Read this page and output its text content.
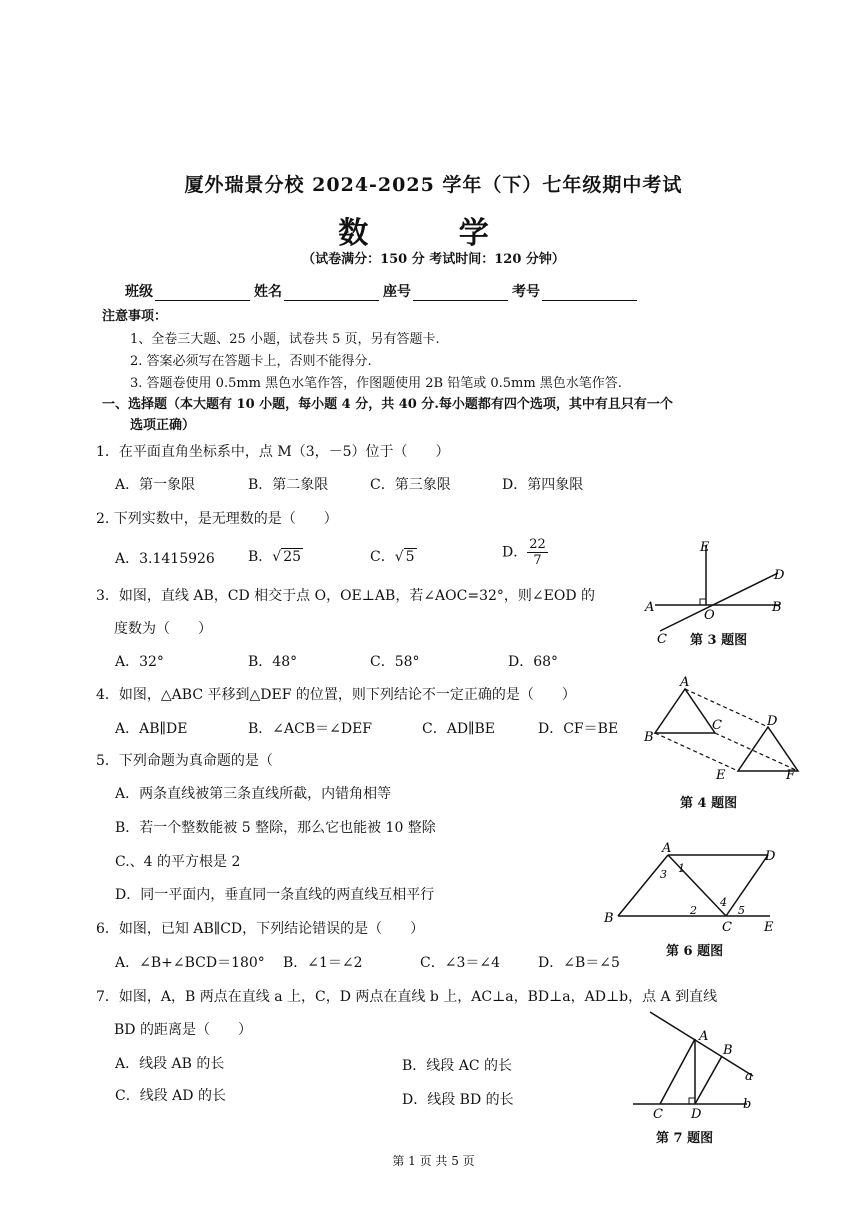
厦外瑞景分校 2024-2025 学年（下）七年级期中考试
数 学
（试卷满分：150 分 考试时间：120 分钟）
班级	姓名	座号	考号
注意事项：
1、全卷三大题、25 小题，试卷共 5 页，另有答题卡.
2. 答案必须写在答题卡上，否则不能得分.
3. 答题卷使用 0.5mm 黑色水笔作答，作图题使用 2B 铅笔或 0.5mm 黑色水笔作答.
一、选择题（本大题有 10 小题，每小题 4 分，共 40 分.每小题都有四个选项，其中有且只有一个
选项正确）
1．在平面直角坐标系中，点 M（3，－5）位于（　　）
A．第一象限	B．第二象限	C．第三象限	D．第四象限
2. 下列实数中，是无理数的是（　　）
A．3.1415926 B．√ 25	C．√ 5	D． $\frac{22}{7}$
3．如图，直线 AB，CD 相交于点 O，OE⊥AB，若∠AOC=32°，则∠EOD 的
度数为（　　）
A．32°	B．48°	C．58°	D．68°
E
D
A
O
B
C 第 3 题图
4．如图，△ABC 平移到△DEF 的位置，则下列结论不一定正确的是（　　）
A．AB∥DE	B．∠ACB＝∠DEF	C．AD∥BE	D．CF＝BE
A
C	D
B
E	F
第 4 题图
5．下列命题为真命题的是（
A．两条直线被第三条直线所截，内错角相等
B．若一个整数能被 5 整除，那么它也能被 10 整除
C.、4 的平方根是 2
D．同一平面内，垂直同一条直线的两直线互相平行
A
D
3 1
2
4
5
B
C E
第 6 题图
6．如图，已知 AB∥CD，下列结论错误的是（　　）
A．∠B+∠BCD＝180° B．∠1＝∠2	C．∠3＝∠4	D．∠B＝∠5
7．如图，A，B 两点在直线 a 上，C，D 两点在直线 b 上，AC⊥a，BD⊥a，AD⊥b，点 A 到直线
BD 的距离是（　　）
A．线段 AB 的长	B．线段 AC 的长
C．线段 AD 的长	D．线段 BD 的长
A
B
a
C D
b
第 7 题图
第 1 页 共 5 页
